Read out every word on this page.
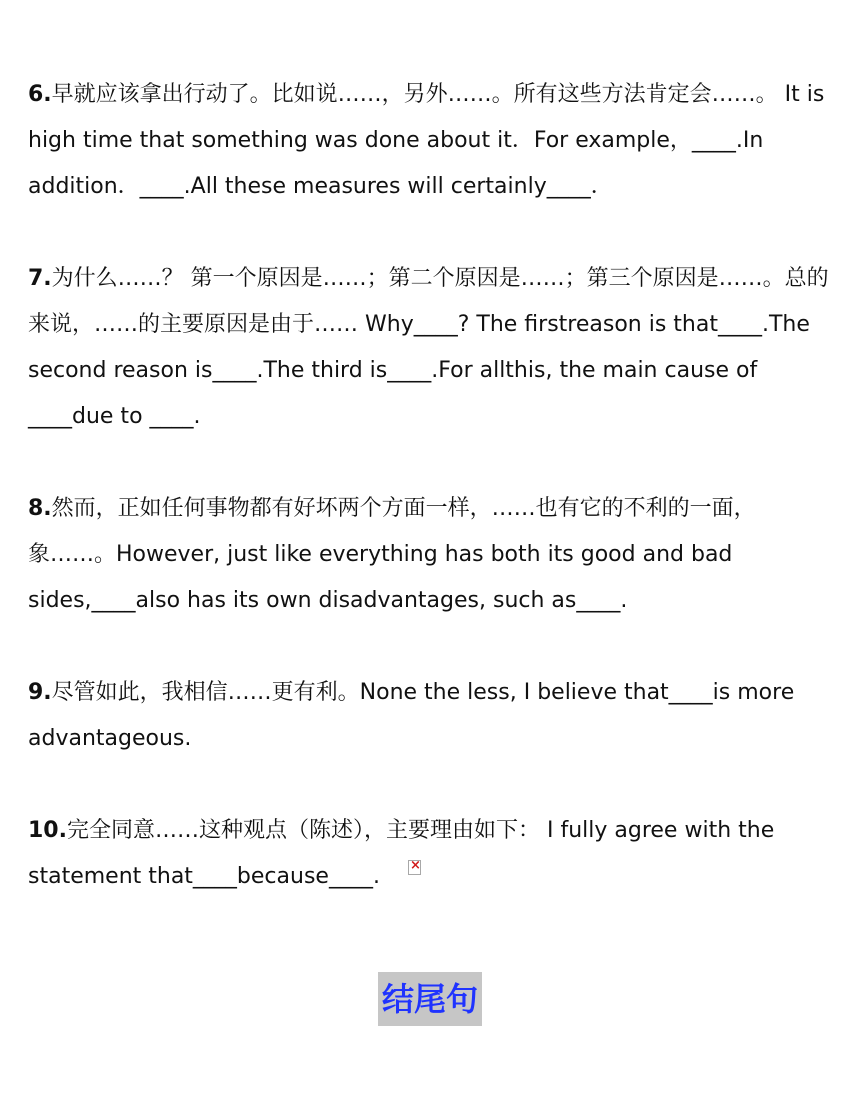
6.早就应该拿出行动了。比如说……，另外……。所有这些方法肯定会……。 It is high time that something was done about it．For example，____.In addition．____.All these measures will certainly____．

7.为什么……？ 第一个原因是……；第二个原因是……；第三个原因是……。总的来说，……的主要原因是由于…… Why____? The firstreason is that____.The second reason is____.The third is____.For allthis, the main cause of ____due to ____.

8.然而，正如任何事物都有好坏两个方面一样，……也有它的不利的一面，象……。However, just like everything has both its good and bad sides,____also has its own disadvantages, such as____.

9.尽管如此，我相信……更有利。None the less, I believe that____is more advantageous.

10.完全同意……这种观点（陈述），主要理由如下： I fully agree with the statement that____because____.×

结尾句
